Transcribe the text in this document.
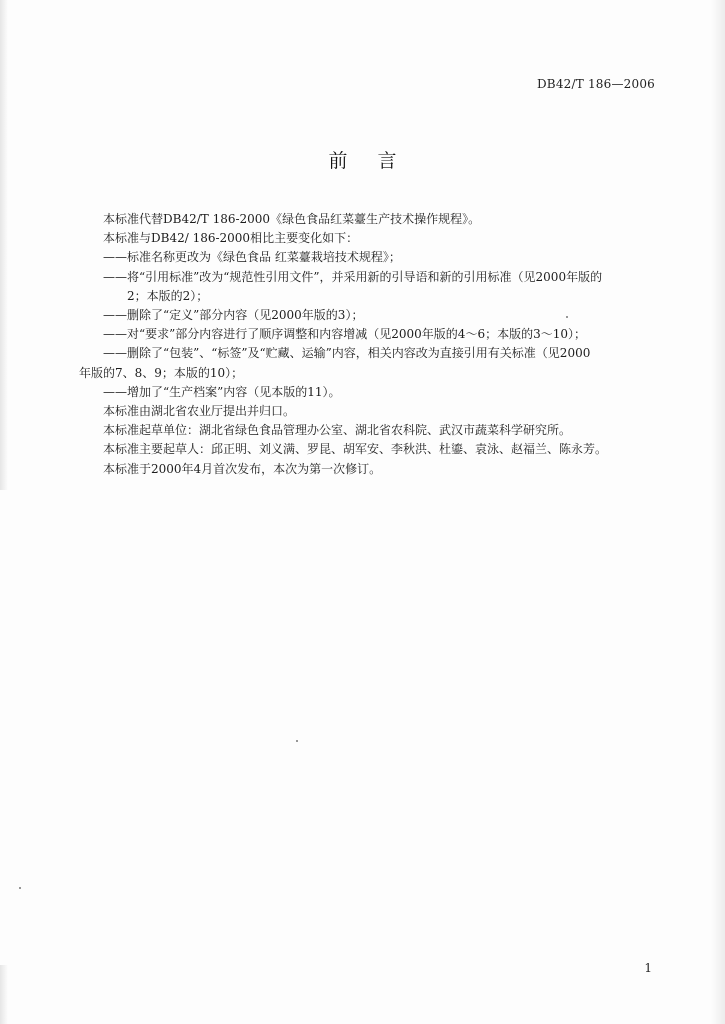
DB42/T 186—2006
前言

本标准代替DB42/T 186-2000《绿色食品红菜薹生产技术操作规程》。

本标准与DB42/ 186-2000相比主要变化如下：

——标准名称更改为《绿色食品 红菜薹栽培技术规程》；

——将“引用标准”改为“规范性引用文件”，并采用新的引导语和新的引用标准（见2000年版的

2；本版的2）；

——删除了“定义”部分内容（见2000年版的3）；

——对“要求”部分内容进行了顺序调整和内容增减（见2000年版的4～6；本版的3～10）；

——删除了“包装”、“标签”及“贮藏、运输”内容，相关内容改为直接引用有关标准（见2000

年版的7、8、9；本版的10）；

——增加了“生产档案”内容（见本版的11）。

本标准由湖北省农业厅提出并归口。

本标准起草单位：湖北省绿色食品管理办公室、湖北省农科院、武汉市蔬菜科学研究所。

本标准主要起草人：邱正明、刘义满、罗昆、胡军安、李秋洪、杜鎏、袁泳、赵福兰、陈永芳。

本标准于2000年4月首次发布，本次为第一次修订。

1
